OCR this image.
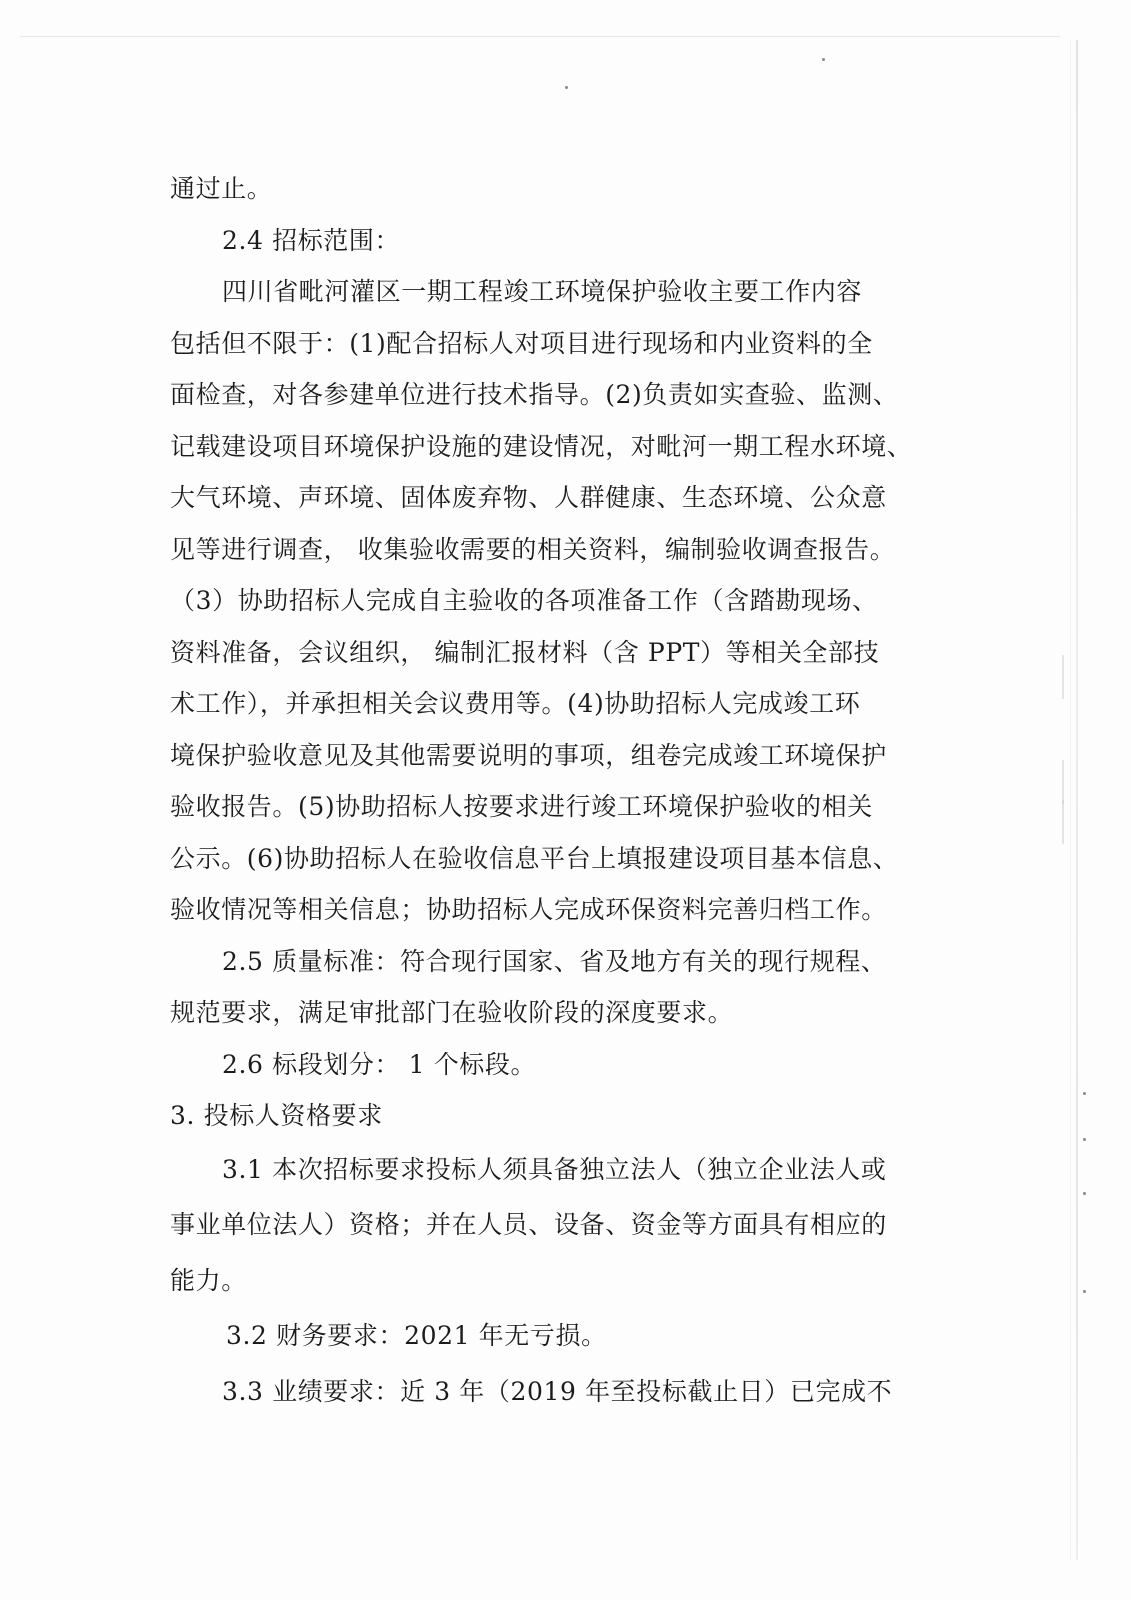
通过止。
2.4 招标范围：
四川省毗河灌区一期工程竣工环境保护验收主要工作内容
包括但不限于：(1)配合招标人对项目进行现场和内业资料的全
面检查，对各参建单位进行技术指导。(2)负责如实查验、监测、
记载建设项目环境保护设施的建设情况，对毗河一期工程水环境、
大气环境、声环境、固体废弃物、人群健康、生态环境、公众意
见等进行调查， 收集验收需要的相关资料，编制验收调查报告。
（3）协助招标人完成自主验收的各项准备工作（含踏勘现场、
资料准备，会议组织， 编制汇报材料（含 PPT）等相关全部技
术工作），并承担相关会议费用等。(4)协助招标人完成竣工环
境保护验收意见及其他需要说明的事项，组卷完成竣工环境保护
验收报告。(5)协助招标人按要求进行竣工环境保护验收的相关
公示。(6)协助招标人在验收信息平台上填报建设项目基本信息、
验收情况等相关信息；协助招标人完成环保资料完善归档工作。
2.5 质量标准：符合现行国家、省及地方有关的现行规程、
规范要求，满足审批部门在验收阶段的深度要求。
2.6 标段划分： 1 个标段。
3. 投标人资格要求
3.1 本次招标要求投标人须具备独立法人（独立企业法人或
事业单位法人）资格；并在人员、设备、资金等方面具有相应的
能力。
3.2 财务要求：2021 年无亏损。
3.3 业绩要求：近 3 年（2019 年至投标截止日）已完成不
